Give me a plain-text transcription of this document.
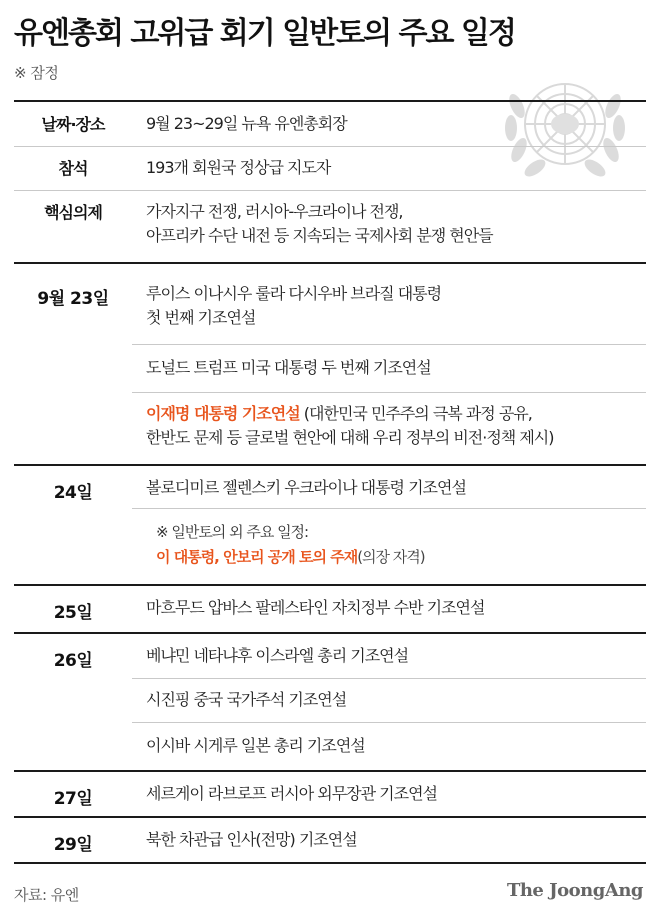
유엔총회 고위급 회기 일반토의 주요 일정
※ 잠정
날짜·장소	9월 23~29일 뉴욕 유엔총회장
참석	193개 회원국 정상급 지도자
핵심의제	가자지구 전쟁, 러시아-우크라이나 전쟁,
아프리카 수단 내전 등 지속되는 국제사회 분쟁 현안들
9월 23일	루이스 이나시우 룰라 다시우바 브라질 대통령
첫 번째 기조연설
도널드 트럼프 미국 대통령 두 번째 기조연설
이재명 대통령 기조연설 (대한민국 민주주의 극복 과정 공유,
한반도 문제 등 글로벌 현안에 대해 우리 정부의 비전·정책 제시)
24일	볼로디미르 젤렌스키 우크라이나 대통령 기조연설
※ 일반토의 외 주요 일정:
이 대통령, 안보리 공개 토의 주재(의장 자격)
25일	마흐무드 압바스 팔레스타인 자치정부 수반 기조연설
26일	베냐민 네타냐후 이스라엘 총리 기조연설
시진핑 중국 국가주석 기조연설
이시바 시게루 일본 총리 기조연설
27일	세르게이 라브로프 러시아 외무장관 기조연설
29일	북한 차관급 인사(전망) 기조연설
자료: 유엔	The JoongAng
